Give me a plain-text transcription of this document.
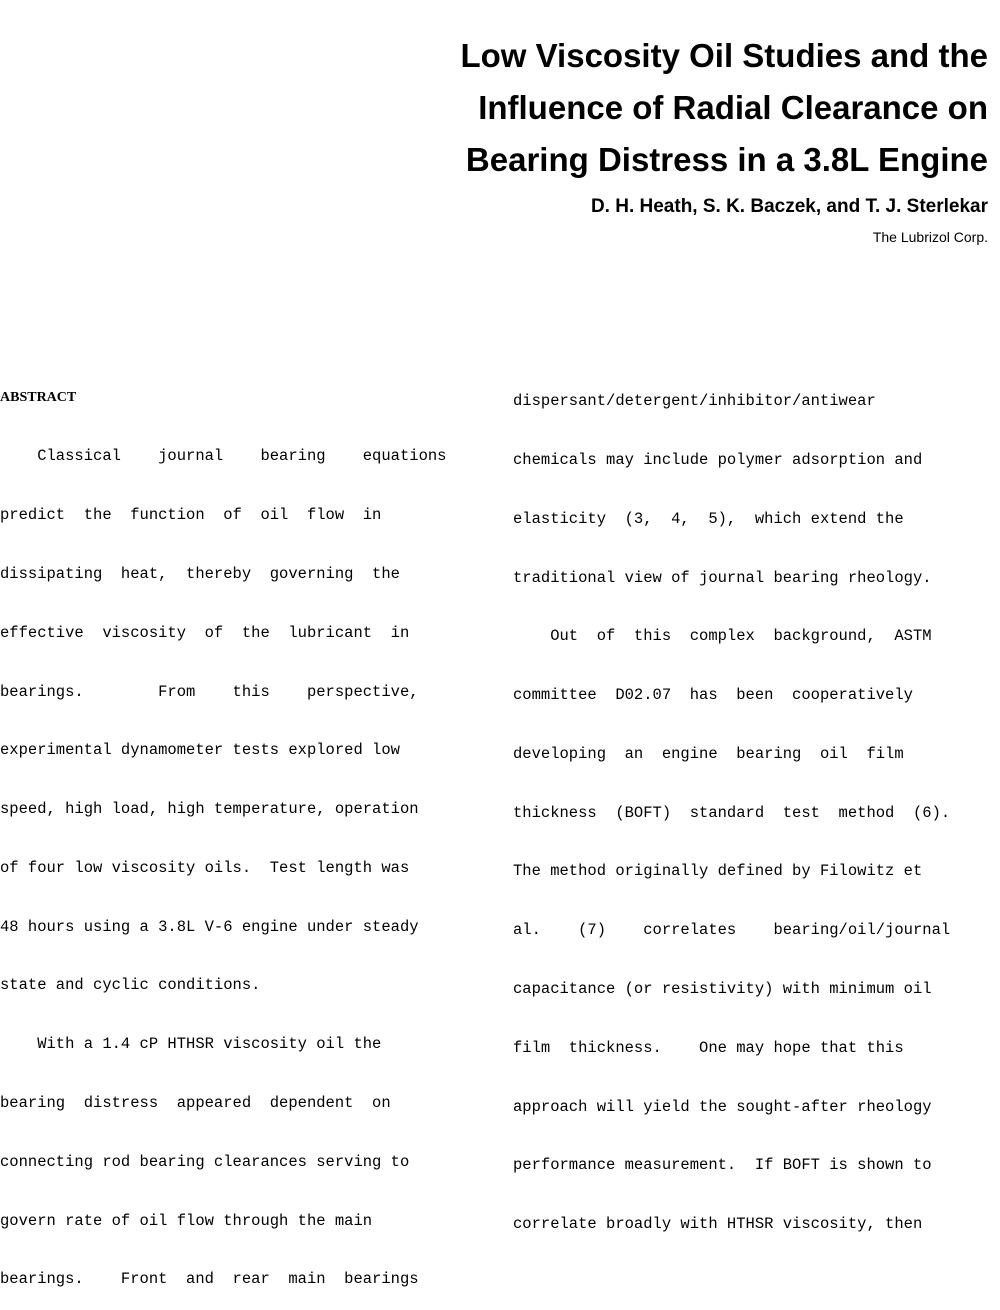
Low Viscosity Oil Studies and the
Influence of Radial Clearance on
Bearing Distress in a 3.8L Engine
D. H. Heath, S. K. Baczek, and T. J. Sterlekar
The Lubrizol Corp.

ABSTRACT

Classical    journal    bearing    equations

predict  the  function  of  oil  flow  in

dissipating  heat,  thereby  governing  the

effective  viscosity  of  the  lubricant  in

bearings.        From    this    perspective,

experimental dynamometer tests explored low

speed, high load, high temperature, operation

of four low viscosity oils.  Test length was

48 hours using a 3.8L V-6 engine under steady

state and cyclic conditions.

With a 1.4 cP HTHSR viscosity oil the

bearing  distress  appeared  dependent  on

connecting rod bearing clearances serving to

govern rate of oil flow through the main

bearings.    Front  and  rear  main  bearings

dispersant/detergent/inhibitor/antiwear

chemicals may include polymer adsorption and

elasticity  (3,  4,  5),  which extend the

traditional view of journal bearing rheology.

Out  of  this  complex  background,  ASTM

committee  D02.07  has  been  cooperatively

developing  an  engine  bearing  oil  film

thickness  (BOFT)  standard  test  method  (6).

The method originally defined by Filowitz et

al.    (7)    correlates    bearing/oil/journal

capacitance (or resistivity) with minimum oil

film  thickness.    One may hope that this

approach will yield the sought-after rheology

performance measurement.  If BOFT is shown to

correlate broadly with HTHSR viscosity, then
